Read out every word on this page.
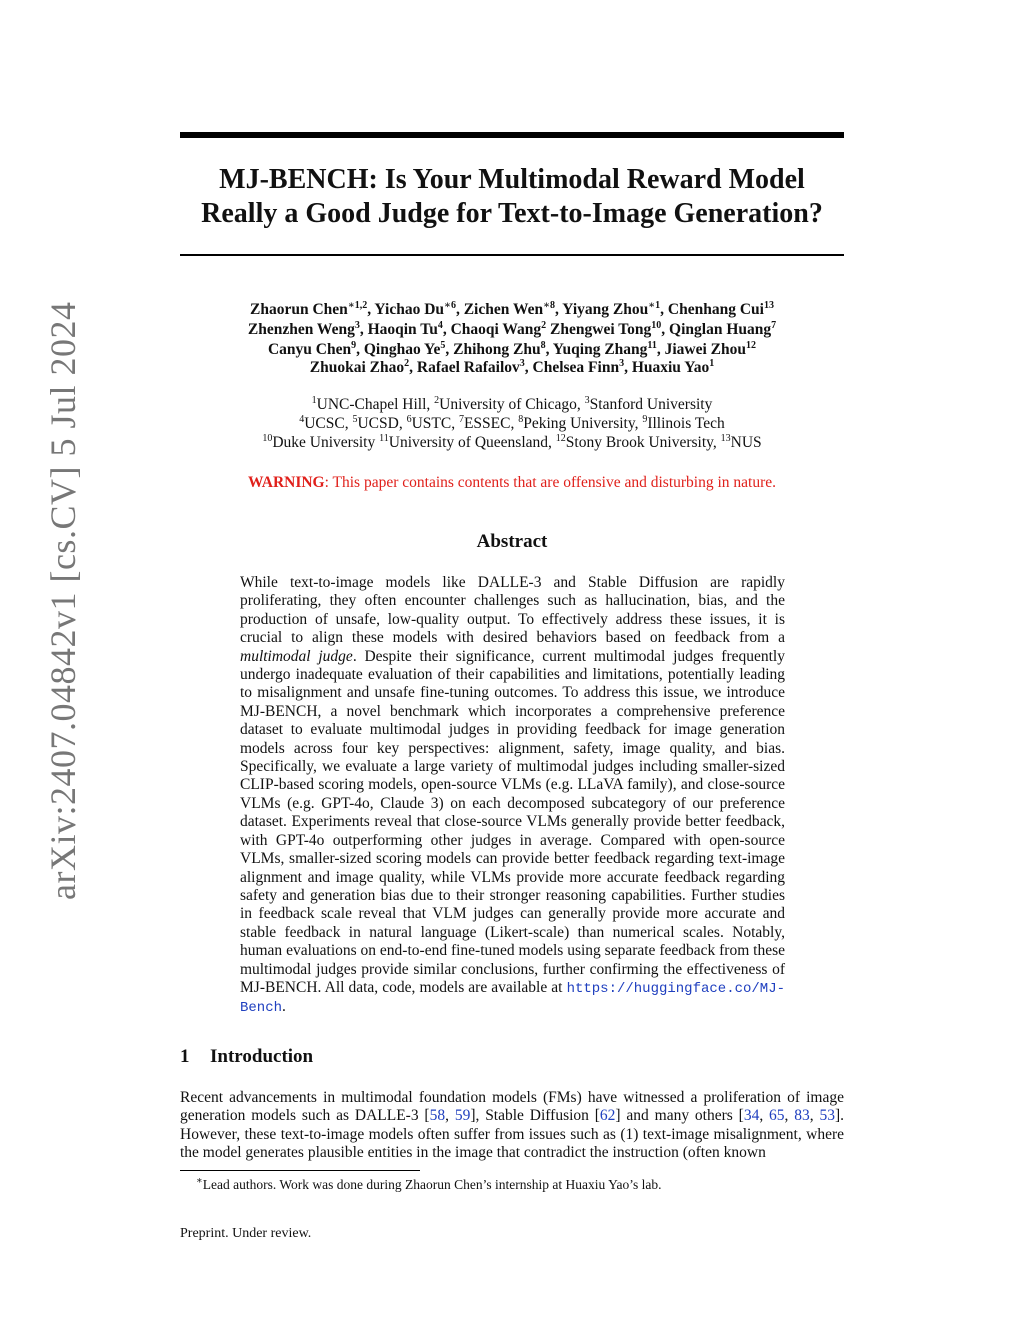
arXiv:2407.04842v1 [cs.CV] 5 Jul 2024
MJ-BENCH: Is Your Multimodal Reward Model
Really a Good Judge for Text-to-Image Generation?
Zhaorun Chen$^{∗1,2}$, Yichao $Du^{∗6}$, Zichen Wen$^{∗8}$, Yiyang Zhou$^{∗1}$, Chenhang Cui$^{13}$
Zhenzhen Weng$^3$, Haoqin Tu$^4$, Chaoqi Wang$^2$ Zhengwei Tong$^{10}$, Qinglan Huang$^7$
Canyu Chen$^9$, Qinghao Ye$^5$, Zhihong Zhu$^8$, Yuqing Zhang$^{11}$, Jiawei Zhou$^{12}$
Zhuokai Zhao$^2$, Rafael Rafailov$^3$, Chelsea Finn$^3$, Huaxiu Yao$^1$
$^1$UNC-Chapel Hill, $^2$University of Chicago, $^3$Stanford University
$^4$UCSC, $^5$UCSD, $^6$USTC, $^7$ESSEC, $^8$Peking University, $^9$Illinois Tech
$^{10}$Duke University $^{11}$University of Queensland, $^{12}$Stony Brook University, $^{13}$NUS
WARNING: This paper contains contents that are offensive and disturbing in nature.
Abstract
While text-to-image models like DALLE-3 and Stable Diffusion are rapidly proliferating, they often encounter challenges such as hallucination, bias, and the production of unsafe, low-quality output. To effectively address these issues, it is crucial to align these models with desired behaviors based on feedback from a multimodal judge. Despite their significance, current multimodal judges frequently undergo inadequate evaluation of their capabilities and limitations, potentially leading to misalignment and unsafe fine-tuning outcomes. To address this issue, we introduce MJ-BENCH, a novel benchmark which incorporates a comprehensive preference dataset to evaluate multimodal judges in providing feedback for image generation models across four key perspectives: alignment, safety, image quality, and bias. Specifically, we evaluate a large variety of multimodal judges including smaller-sized CLIP-based scoring models, open-source VLMs (e.g. LLaVA family), and close-source VLMs (e.g. GPT-4o, Claude 3) on each decomposed subcategory of our preference dataset. Experiments reveal that close-source VLMs generally provide better feedback, with GPT-4o outperforming other judges in average. Compared with open-source VLMs, smaller-sized scoring models can provide better feedback regarding text-image alignment and image quality, while VLMs provide more accurate feedback regarding safety and generation bias due to their stronger reasoning capabilities. Further studies in feedback scale reveal that VLM judges can generally provide more accurate and stable feedback in natural language (Likert-scale) than numerical scales. Notably, human evaluations on end-to-end fine-tuned models using separate feedback from these multimodal judges provide similar conclusions, further confirming the effectiveness of MJ-BENCH. All data, code, models are available at https://huggingface.co/MJ-Bench.
1 Introduction
Recent advancements in multimodal foundation models (FMs) have witnessed a proliferation of image generation models such as DALLE-3 [58, 59], Stable Diffusion [62] and many others [34, 65, 83, 53]. However, these text-to-image models often suffer from issues such as (1) text-image misalignment, where the model generates plausible entities in the image that contradict the instruction (often known
∗Lead authors. Work was done during Zhaorun Chen’s internship at Huaxiu Yao’s lab.
Preprint. Under review.
